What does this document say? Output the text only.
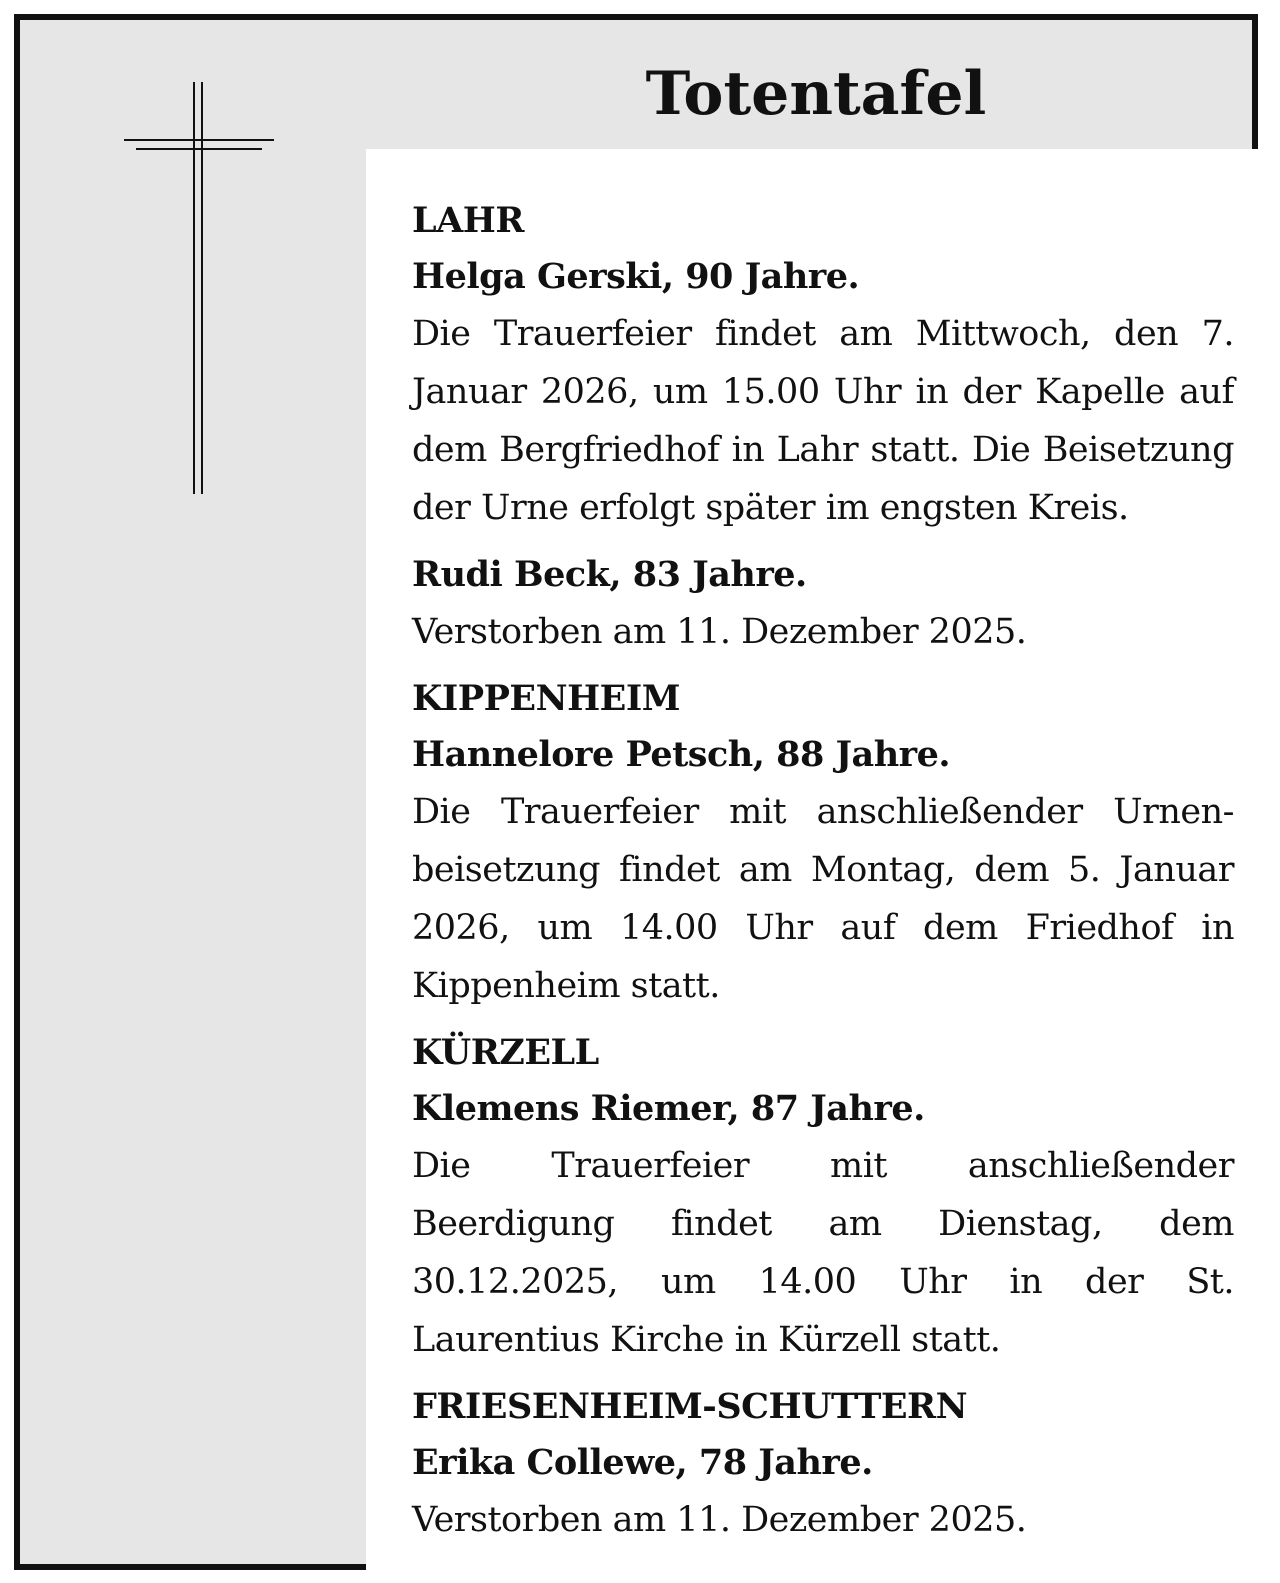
Totentafel

LAHR

Helga Gerski, 90 Jahre.

Die Trauerfeier findet am Mittwoch, den 7. Januar 2026, um 15.00 Uhr in der Kapelle auf dem Bergfriedhof in Lahr statt. Die Beisetzung der Urne erfolgt später im engsten Kreis.

Rudi Beck, 83 Jahre.

Verstorben am 11. Dezember 2025.

KIPPENHEIM

Hannelore Petsch, 88 Jahre.

Die Trauerfeier mit anschließender Urnen-beisetzung findet am Montag, dem 5. Januar 2026, um 14.00 Uhr auf dem Friedhof in Kippenheim statt.

KÜRZELL

Klemens Riemer, 87 Jahre.

Die Trauerfeier mit anschließender Beerdigung findet am Dienstag, dem 30.12.2025, um 14.00 Uhr in der St. Laurentius Kirche in Kürzell statt.

FRIESENHEIM-SCHUTTERN

Erika Collewe, 78 Jahre.

Verstorben am 11. Dezember 2025.
